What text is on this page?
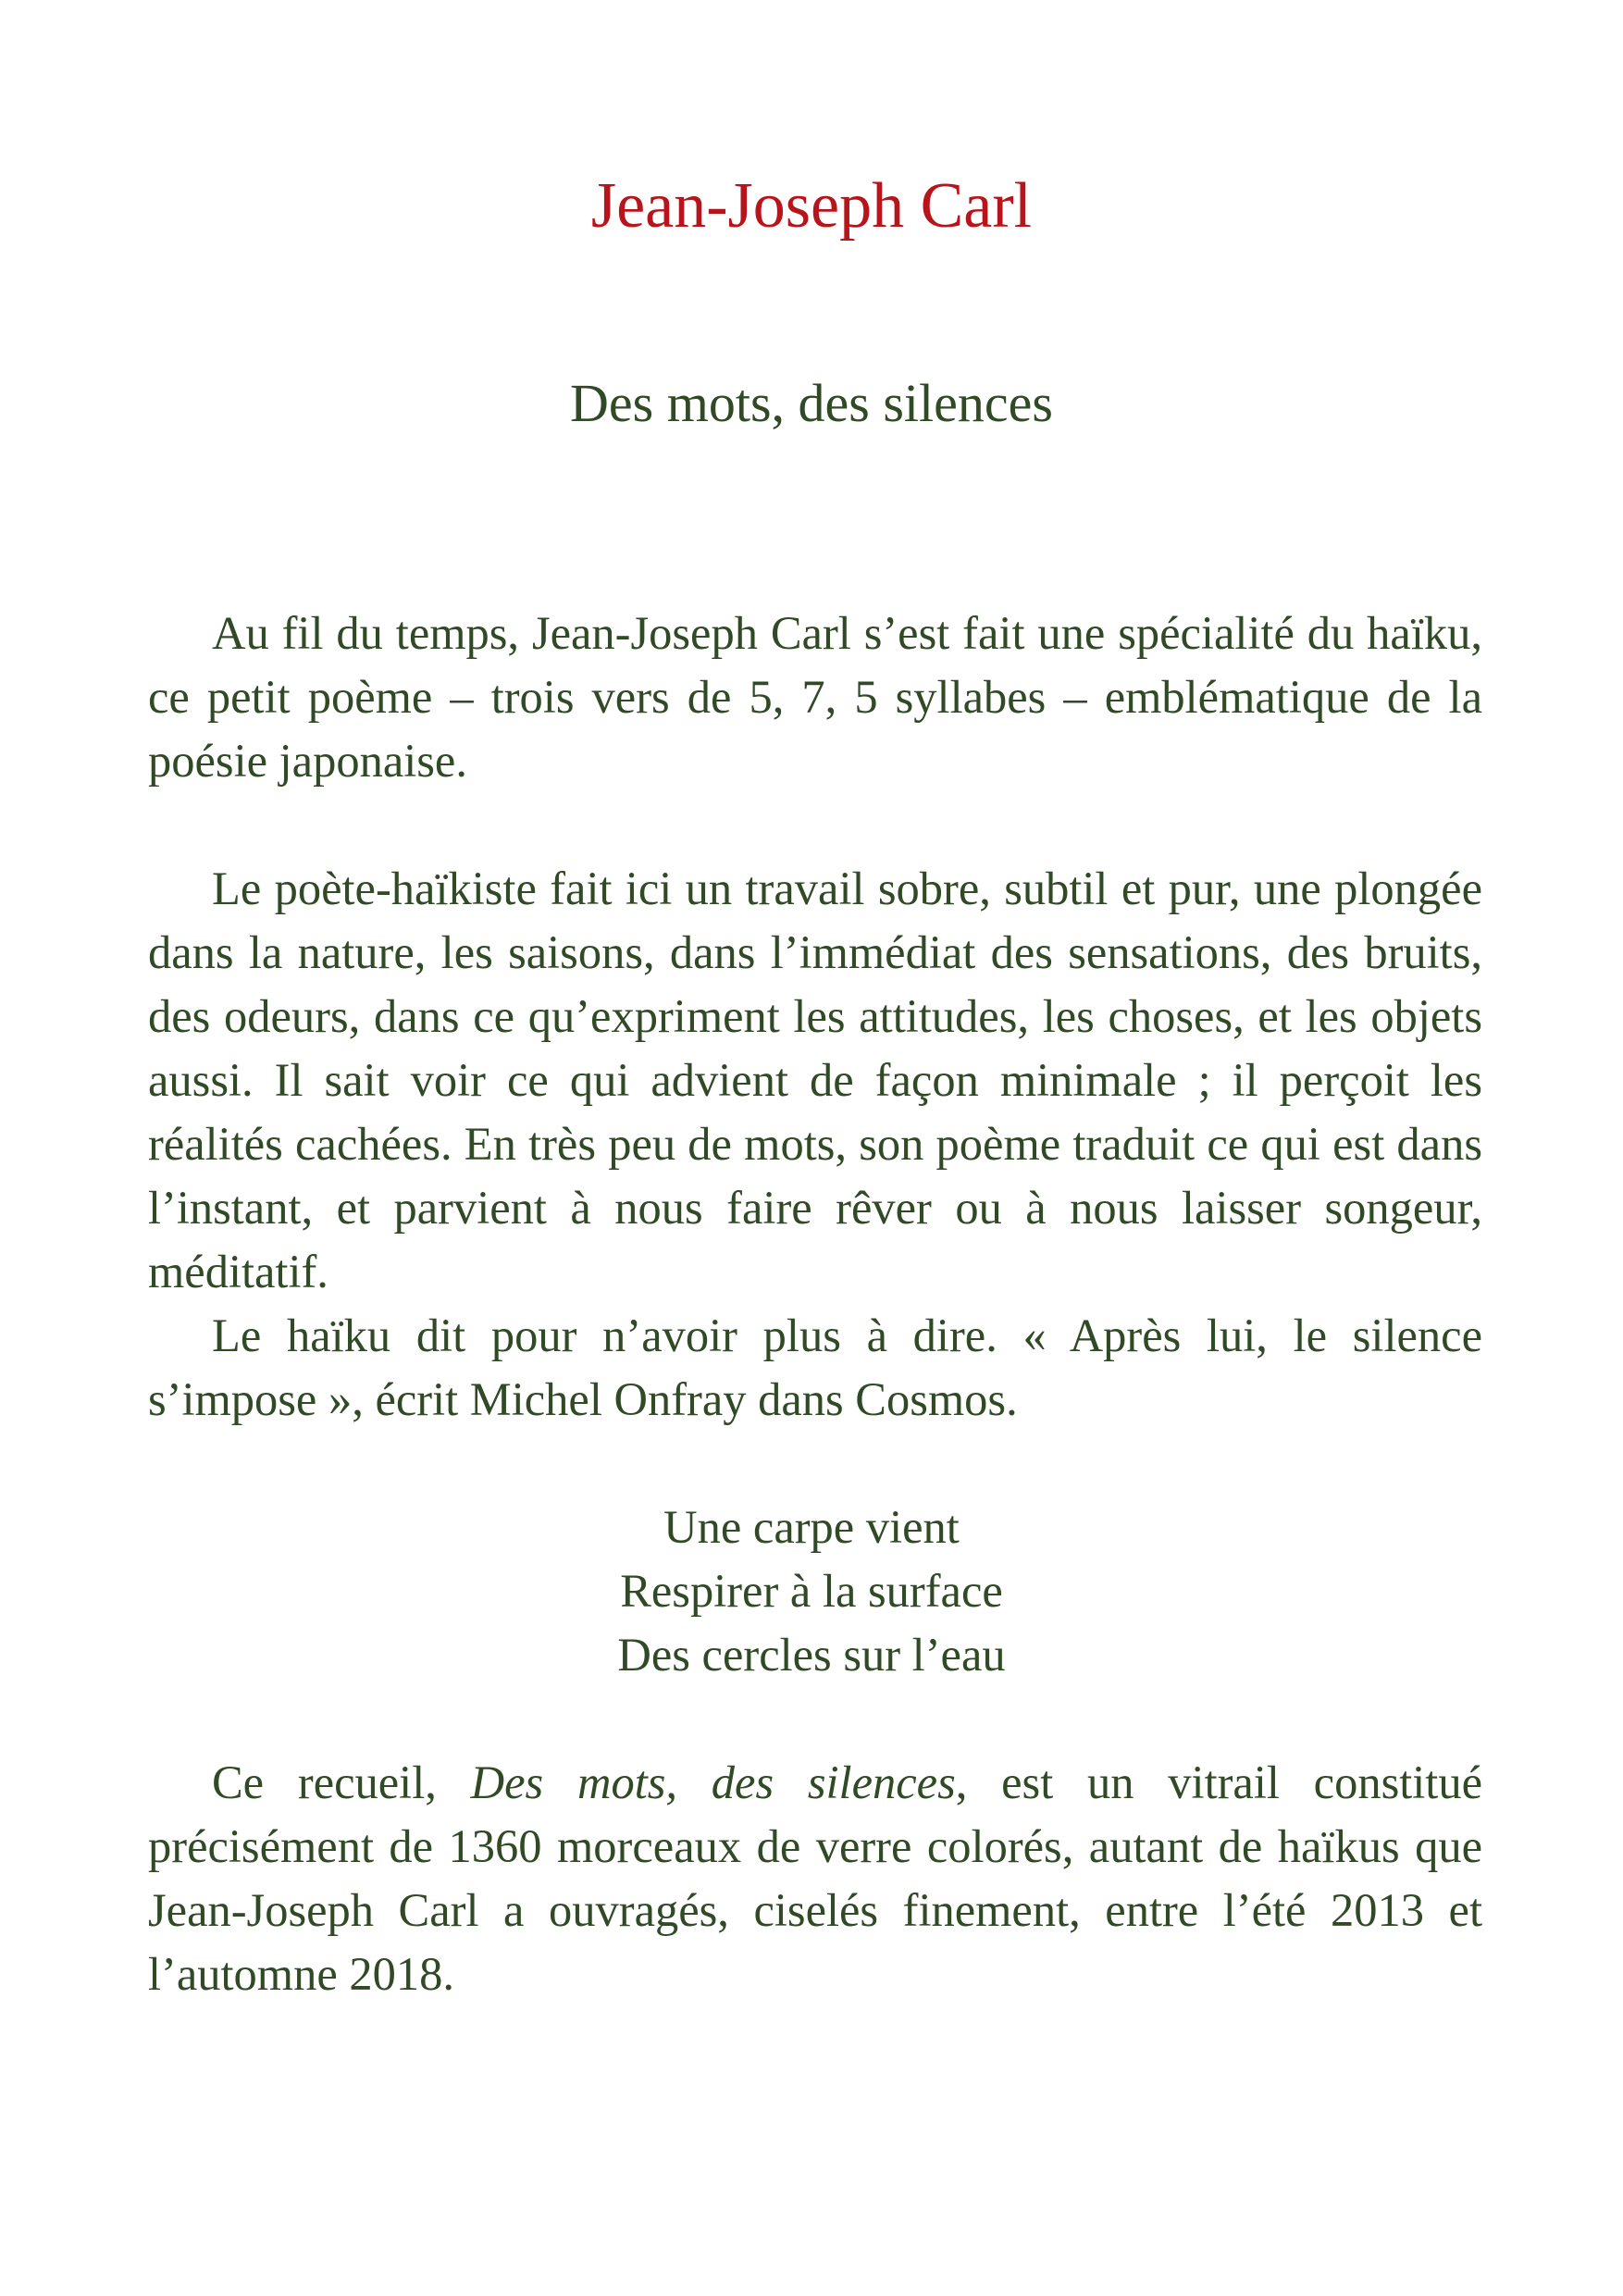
Jean-Joseph Carl
Des mots, des silences

Au fil du temps, Jean-Joseph Carl s’est fait une spécialité du haïku, ce petit poème – trois vers de 5, 7, 5 syllabes – emblématique de la poésie japonaise.

Le poète-haïkiste fait ici un travail sobre, subtil et pur, une plongée dans la nature, les saisons, dans l’immédiat des sensations, des bruits, des odeurs, dans ce qu’expriment les attitudes, les choses, et les objets aussi. Il sait voir ce qui advient de façon minimale ; il perçoit les réalités cachées. En très peu de mots, son poème traduit ce qui est dans l’instant, et parvient à nous faire rêver ou à nous laisser songeur, méditatif.

Le haïku dit pour n’avoir plus à dire. « Après lui, le silence s’impose », écrit Michel Onfray dans Cosmos.

Une carpe vient
Respirer à la surface
Des cercles sur l’eau

Ce recueil, Des mots, des silences, est un vitrail constitué précisément de 1360 morceaux de verre colorés, autant de haïkus que Jean-Joseph Carl a ouvragés, ciselés finement, entre l’été 2013 et l’automne 2018.
